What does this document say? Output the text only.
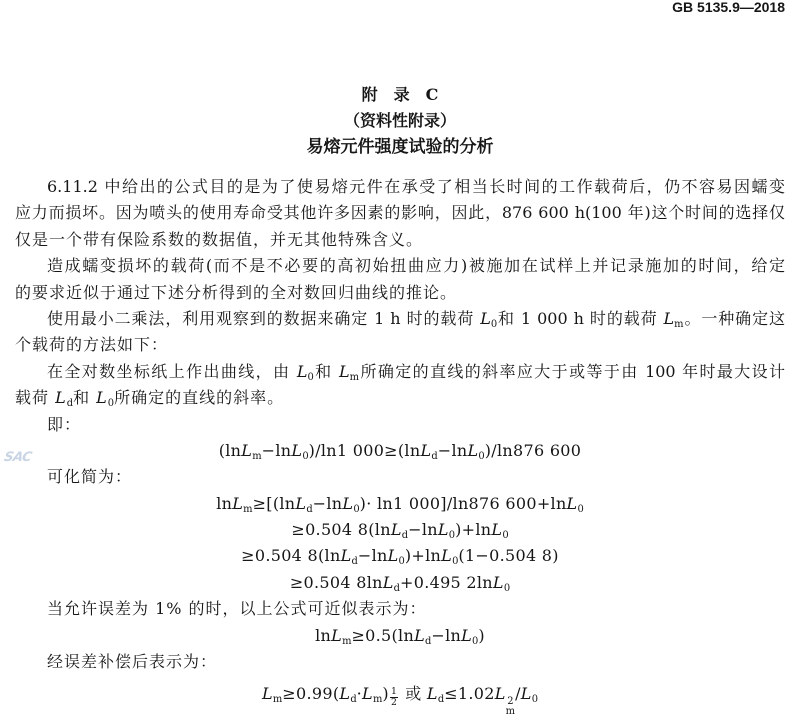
GB 5135.9—2018
SAC
附　录　C
（资料性附录）
易熔元件强度试验的分析
6.11.2 中给出的公式目的是为了使易熔元件在承受了相当长时间的工作载荷后，仍不容易因蠕变
应力而损坏。因为喷头的使用寿命受其他许多因素的影响，因此，876 600 h(100 年)这个时间的选择仅
仅是一个带有保险系数的数据值，并无其他特殊含义。
造成蠕变损坏的载荷(而不是不必要的高初始扭曲应力)被施加在试样上并记录施加的时间，给定
的要求近似于通过下述分析得到的全对数回归曲线的推论。
使用最小二乘法，利用观察到的数据来确定 1 h 时的载荷 $L_0$和 1 000 h 时的载荷 $L_m$。一种确定这
个载荷的方法如下：
在全对数坐标纸上作出曲线，由 $L_0$和 $L_m$所确定的直线的斜率应大于或等于由 100 年时最大设计
载荷 $L_d$和 $L_0$所确定的直线的斜率。
即：
(lnL$_m$−lnL$_0$)/ln1 000≥(lnL$_d$−lnL$_0$)/ln876 600
可化简为：
lnL$_m$≥[(lnL$_d$−lnL$_0$)· ln1 000]/ln876 600+lnL$_0$
≥0.504 8(lnL$_d$−lnL$_0$)+lnL$_0$
≥0.504 8(lnL$_d$−lnL$_0$)+lnL$_0$(1−0.504 8)
≥0.504 8lnL$_d$+0.495 2lnL$_0$
当允许误差为 1% 的时，以上公式可近似表示为：
lnL$_m$≥0.5(lnL$_d$−lnL$_0$)
经误差补偿后表示为：
$L_m\ge 0.99(L_d\cdot L_m) \frac{1}{2}$ 或 $L_d\le 1.02L$ 2
m
$/L_0$
